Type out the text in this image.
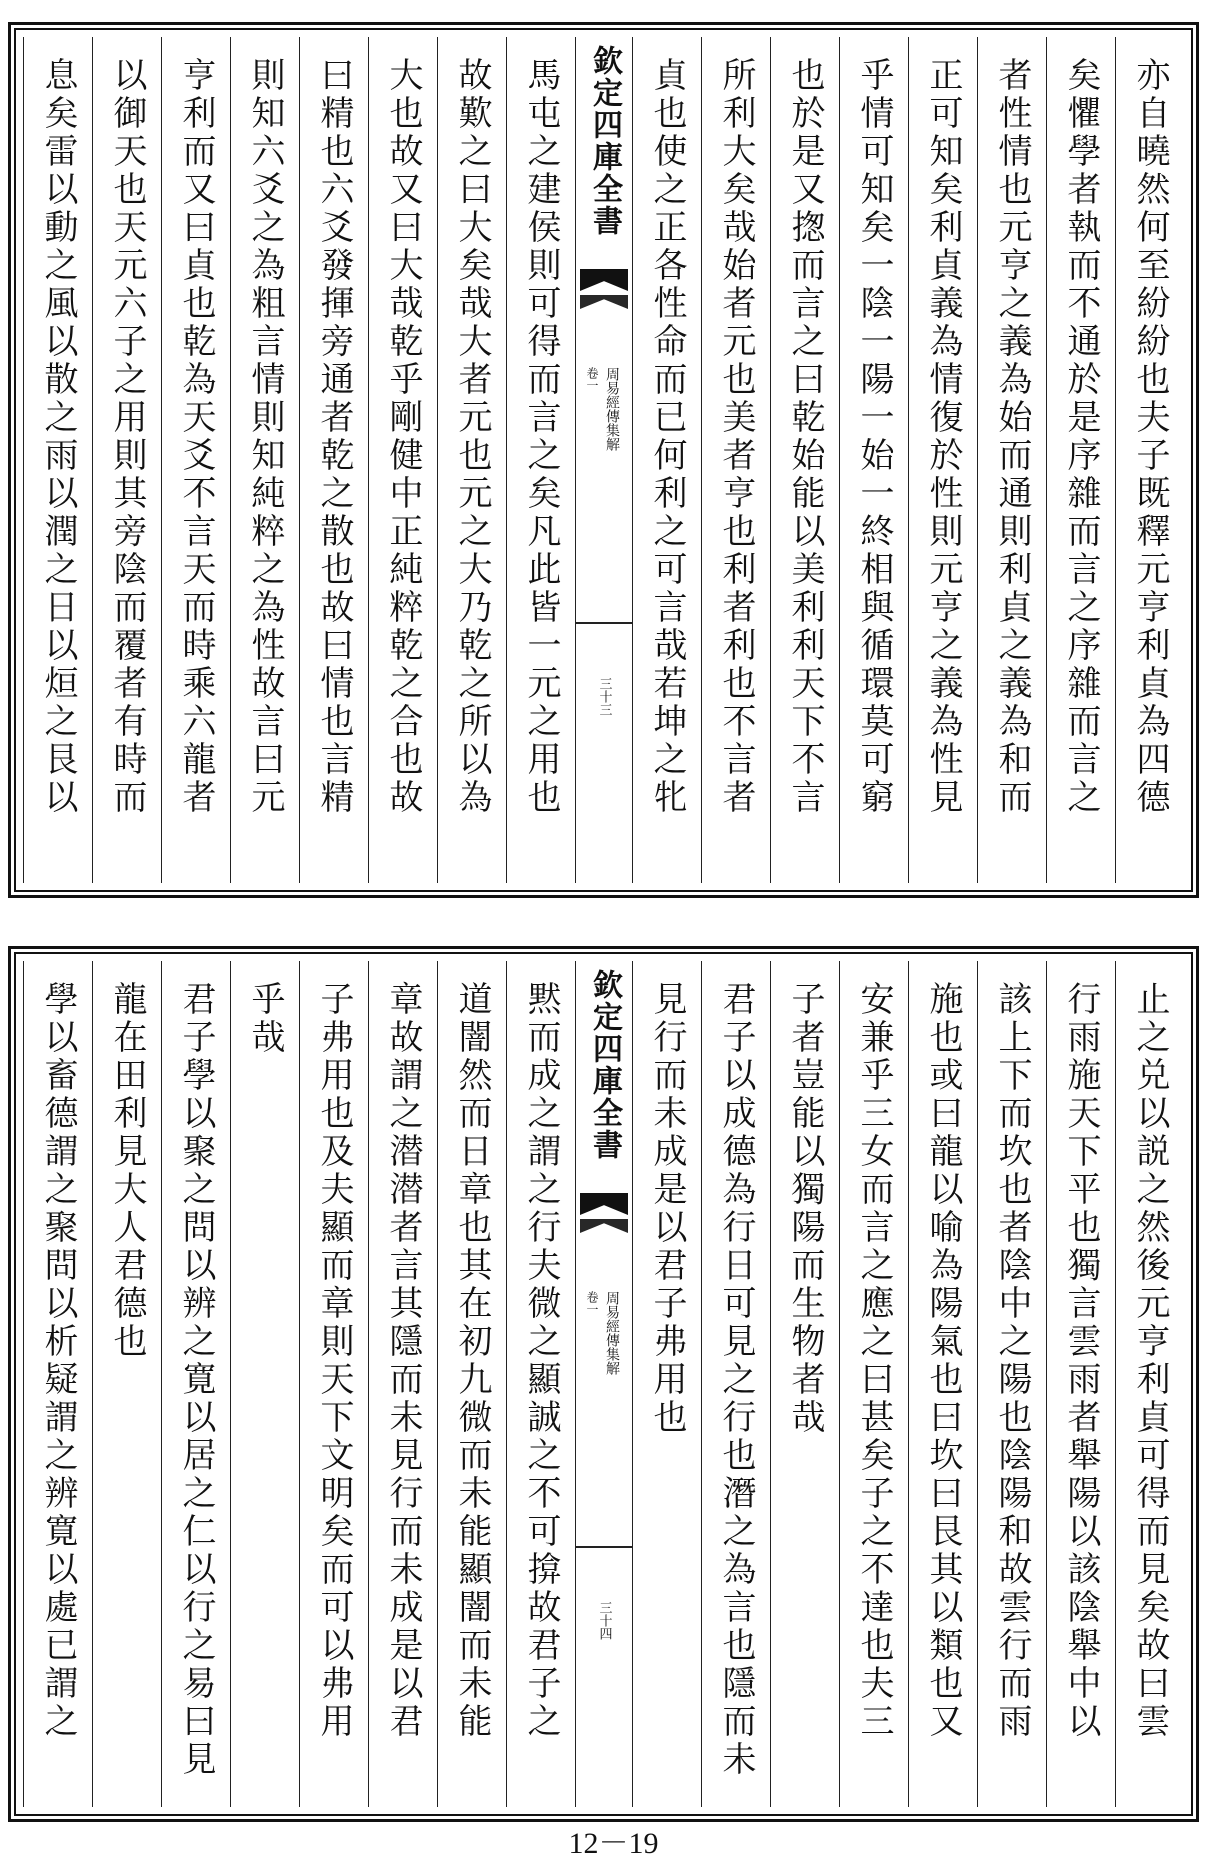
亦自曉然何至紛紛也夫子既釋元亨利貞為四德
矣懼學者執而不通於是序雜而言之序雜而言之
者性情也元亨之義為始而通則利貞之義為和而
正可知矣利貞義為情復於性則元亨之義為性見
乎情可知矣一陰一陽一始一終相與循環莫可窮
也於是又揔而言之曰乾始能以美利利天下不言
所利大矣哉始者元也美者亨也利者利也不言者
貞也使之正各性命而已何利之可言哉若坤之牝
欽定四庫全書
周易經傳集解
卷一
三十三
馬屯之建侯則可得而言之矣凡此皆一元之用也
故歎之曰大矣哉大者元也元之大乃乾之所以為
大也故又曰大哉乾乎剛健中正純粹乾之合也故
曰精也六爻發揮旁通者乾之散也故曰情也言精
則知六爻之為粗言情則知純粹之為性故言曰元
亨利而又曰貞也乾為天爻不言天而時乘六龍者
以御天也天元六子之用則其旁陰而覆者有時而
息矣雷以動之風以散之雨以潤之日以烜之艮以
止之兑以説之然後元亨利貞可得而見矣故曰雲
行雨施天下平也獨言雲雨者舉陽以該陰舉中以
該上下而坎也者陰中之陽也陰陽和故雲行而雨
施也或曰龍以喻為陽氣也曰坎曰艮其以類也又
安兼乎三女而言之應之曰甚矣子之不達也夫三
子者豈能以獨陽而生物者哉
君子以成德為行日可見之行也潛之為言也隱而未
見行而未成是以君子弗用也
欽定四庫全書
周易經傳集解
卷一
三十四
黙而成之謂之行夫微之顯誠之不可揜故君子之
道闇然而日章也其在初九微而未能顯闇而未能
章故謂之潜潜者言其隱而未見行而未成是以君
子弗用也及夫顯而章則天下文明矣而可以弗用
乎哉
君子學以聚之問以辨之寛以居之仁以行之易曰見
龍在田利見大人君德也
學以畜德謂之聚問以析疑謂之辨寛以處已謂之
12－19
